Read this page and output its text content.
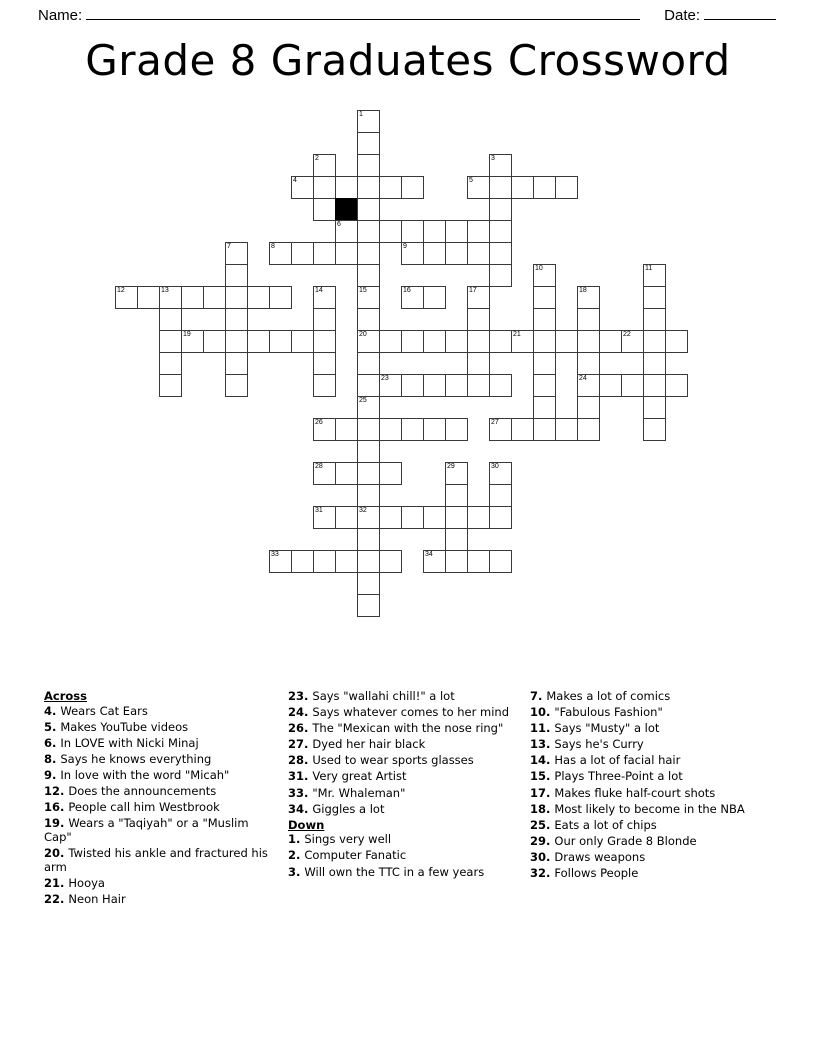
Name:	Date:
Grade 8 Graduates Crossword
1
2	3
4	5
6
7	8	9
10	11
12	13	14	15	16	17	18
19	20	21	22
23	24
25
26	27
28	29	30
31	32
33	34
Across
4. Wears Cat Ears
5. Makes YouTube videos
6. In LOVE with Nicki Minaj
8. Says he knows everything
9. In love with the word "Micah"
12. Does the announcements
16. People call him Westbrook
19. Wears a "Taqiyah" or a "Muslim Cap"
20. Twisted his ankle and fractured his arm
21. Hooya
22. Neon Hair
23. Says "wallahi chill!" a lot
24. Says whatever comes to her mind
26. The "Mexican with the nose ring"
27. Dyed her hair black
28. Used to wear sports glasses
31. Very great Artist
33. "Mr. Whaleman"
34. Giggles a lot
Down
1. Sings very well
2. Computer Fanatic
3. Will own the TTC in a few years
7. Makes a lot of comics
10. "Fabulous Fashion"
11. Says "Musty" a lot
13. Says he's Curry
14. Has a lot of facial hair
15. Plays Three-Point a lot
17. Makes fluke half-court shots
18. Most likely to become in the NBA
25. Eats a lot of chips
29. Our only Grade 8 Blonde
30. Draws weapons
32. Follows People
